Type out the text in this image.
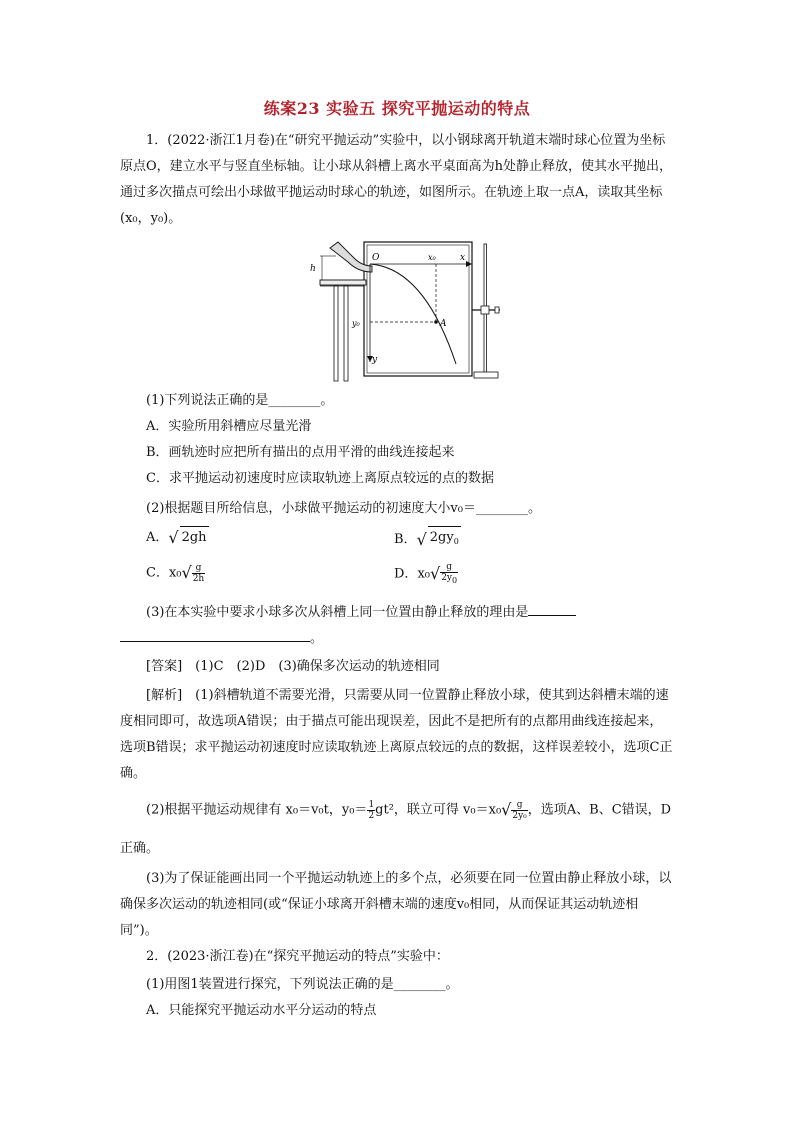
练案23 实验五 探究平抛运动的特点

1．(2022·浙江1月卷)在“研究平抛运动”实验中，以小钢球离开轨道末端时球心位置为坐标原点O，建立水平与竖直坐标轴。让小球从斜槽上离水平桌面高为h处静止释放，使其水平抛出，通过多次描点可绘出小球做平抛运动时球心的轨迹，如图所示。在轨迹上取一点A，读取其坐标(x₀，y₀)。

h
O	x₀	x
y
y₀	A
(1)下列说法正确的是________。
A．实验所用斜槽应尽量光滑
B．画轨迹时应把所有描出的点用平滑的曲线连接起来
C．求平抛运动初速度时应读取轨迹上离原点较远的点的数据
(2)根据题目所给信息，小球做平抛运动的初速度大小v₀＝________。
A．√ 2gh	B．√ $2gy_0$
C．$x_0√ \frac{g}{2h}$	D．$x_0√ \frac{g}{2y0}$
(3)在本实验中要求小球多次从斜槽上同一位置由静止释放的理由是
。
[答案]　 (1)C　(2)D　(3)确保多次运动的轨迹相同

[解析]　 (1)斜槽轨道不需要光滑，只需要从同一位置静止释放小球，使其到达斜槽末端的速度相同即可，故选项A错误；由于描点可能出现误差，因此不是把所有的点都用曲线连接起来，选项B错误；求平抛运动初速度时应读取轨迹上离原点较远的点的数据，这样误差较小，选项C正确。

(2)根据平抛运动规律有 x₀＝v₀t，$y_0= \frac{1}{2} gt^2$，联立可得 $v_0=x_0√ \frac{g}{\text{2y₀}}$ ，选项A、B、C错误，D
正确。

(3)为了保证能画出同一个平抛运动轨迹上的多个点，必须要在同一位置由静止释放小球，以确保多次运动的轨迹相同(或“保证小球离开斜槽末端的速度v₀相同，从而保证其运动轨迹相同”)。

2．(2023·浙江卷)在“探究平抛运动的特点”实验中：
(1)用图1装置进行探究，下列说法正确的是________。
A．只能探究平抛运动水平分运动的特点
